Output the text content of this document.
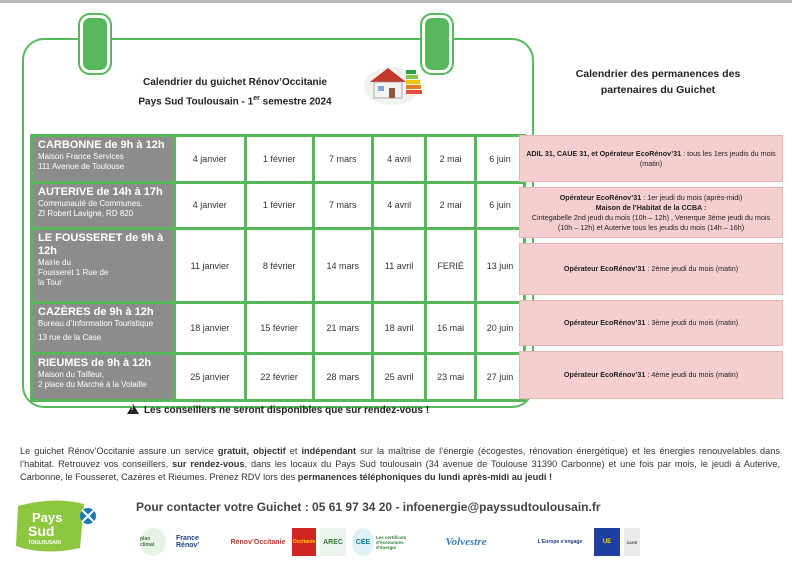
Calendrier du guichet Rénov’Occitanie
Pays Sud Toulousain - 1er semestre 2024
CARBONNE de 9h à 12h
Maison France Services
111 Avenue de Toulouse	4 janvier	1 février	7 mars	4 avril	2 mai	6 juin

AUTERIVE de 14h à 17h
Communauté de Communes,
ZI Robert Lavigne, RD 820	4 janvier	1 février	7 mars	4 avril	2 mai	6 juin

LE FOUSSERET de 9h à 12h
Mairie du
Fousseret 1 Rue de
la Tour	11 janvier	8 février	14 mars	11 avril	FERIÉ	13 juin

CAZÈRES de 9h à 12h
Bureau d’Information Touristique
13 rue de la Case	18 janvier	15 février	21 mars	18 avril	16 mai	20 juin

RIEUMES de 9h à 12h
Maison du Tailleur,
2 place du Marché à la Volaille	25 janvier	22 février	28 mars	25 avril	23 mai	27 juin
!Les conseillers ne seront disponibles que sur rendez-vous !
Calendrier des permanences des
partenaires du Guichet
ADIL 31, CAUE 31, et Opérateur EcoRénov’31 : tous les 1ers jeudis du mois (matin)
Opérateur EcoRénov’31 : 1er jeudi du mois (après-midi)
Maison de l’Habitat de la CCBA :
Cintegabelle 2nd jeudi du mois (10h – 12h) , Venerque 3ème jeudi du mois (10h – 12h) et Auterive tous les jeudis du mois (14h – 16h)
Opérateur EcoRénov’31 : 2ème jeudi du mois (matin)
Opérateur EcoRénov’31 : 3ème jeudi du mois (matin)
Opérateur EcoRénov’31 : 4ème jeudi du mois (matin)

Le guichet Rénov’Occitanie assure un service gratuit, objectif et indépendant sur la maîtrise de l’énergie (écogestes, rénovation énergétique) et les énergies renouvelables dans l’habitat. Retrouvez vos conseillers, sur rendez-vous, dans les locaux du Pays Sud toulousain (34 avenue de Toulouse 31390 Carbonne) et une fois par mois, le jeudi à Auterive, Carbonne, le Fousseret, Cazères et Rieumes. Prenez RDV lors des permanences téléphoniques du lundi après-midi au jeudi !

Pour contacter votre Guichet : 05 61 97 34 20 - infoenergie@payssudtoulousain.fr
Pays
Sud
TOULOUSAIN
plan climat
France Rénov’	Rénov’Occitanie	Occitanie	AREC	CEE
Les certificats d’économies d’énergie	Volvestre	L’Europe s’engage	UE	SARE
